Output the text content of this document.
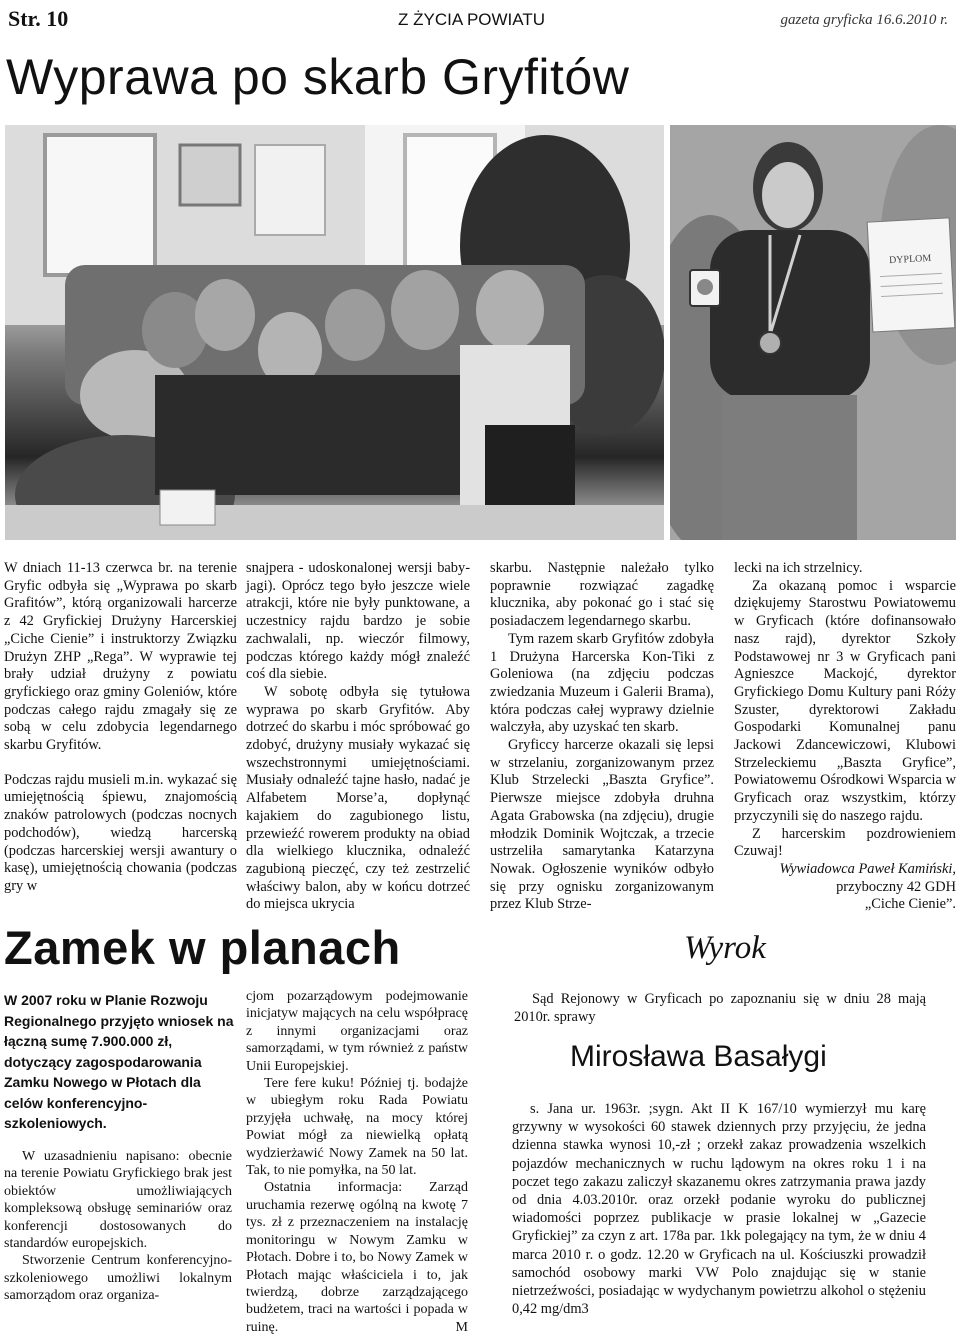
Str. 10	Z ŻYCIA POWIATU	gazeta gryficka 16.6.2010 r.
Wyprawa po skarb Gryfitów
DYPLOM

W dniach 11-13 czerwca br. na terenie Gryfic odbyła się „Wyprawa po skarb Grafitów”, którą organizowali harcerze z 42 Gryfickiej Drużyny Harcerskiej „Ciche Cienie” i instruktorzy Związku Drużyn ZHP „Rega”. W wyprawie tej brały udział drużyny z powiatu gryfickiego oraz gminy Goleniów, które podczas całego rajdu zmagały się ze sobą w celu zdobycia legendarnego skarbu Gryfitów.

Podczas rajdu musieli m.in. wykazać się umiejętnością śpiewu, znajomością znaków patrolowych (podczas nocnych podchodów), wiedzą harcerską (podczas harcerskiej wersji awantury o kasę), umiejętnością chowania (podczas gry w

snajpera - udoskonalonej wersji baby-jagi). Oprócz tego było jeszcze wiele atrakcji, które nie były punktowane, a uczestnicy rajdu bardzo je sobie zachwalali, np. wieczór filmowy, podczas którego każdy mógł znaleźć coś dla siebie.

W sobotę odbyła się tytułowa wyprawa po skarb Gryfitów. Aby dotrzeć do skarbu i móc spróbować go zdobyć, drużyny musiały wykazać się wszechstronnymi umiejętnościami. Musiały odnaleźć tajne hasło, nadać je Alfabetem Morse’a, dopłynąć kajakiem do zagubionego listu, przewieźć rowerem produkty na obiad dla wielkiego klucznika, odnaleźć zagubioną pieczęć, czy też zestrzelić właściwy balon, aby w końcu dotrzeć do miejsca ukrycia

skarbu. Następnie należało tylko poprawnie rozwiązać zagadkę klucznika, aby pokonać go i stać się posiadaczem legendarnego skarbu.

Tym razem skarb Gryfitów zdobyła 1 Drużyna Harcerska Kon-Tiki z Goleniowa (na zdjęciu podczas zwiedzania Muzeum i Galerii Brama), która podczas całej wyprawy dzielnie walczyła, aby uzyskać ten skarb.

Gryficcy harcerze okazali się lepsi w strzelaniu, zorganizowanym przez Klub Strzelecki „Baszta Gryfice”. Pierwsze miejsce zdobyła druhna Agata Grabowska (na zdjęciu), drugie młodzik Dominik Wojtczak, a trzecie ustrzeliła samarytanka Katarzyna Nowak. Ogłoszenie wyników odbyło się przy ognisku zorganizowanym przez Klub Strze-

lecki na ich strzelnicy.

Za okazaną pomoc i wsparcie dziękujemy Starostwu Powiatowemu w Gryficach (które dofinansowało nasz rajd), dyrektor Szkoły Podstawowej nr 3 w Gryficach pani Agnieszce Mackojć, dyrektor Gryfickiego Domu Kultury pani Róży Szuster, dyrektorowi Zakładu Gospodarki Komunalnej panu Jackowi Zdancewiczowi, Klubowi Strzeleckiemu „Baszta Gryfice”, Powiatowemu Ośrodkowi Wsparcia w Gryficach oraz wszystkim, którzy przyczynili się do naszego rajdu.

Z harcerskim pozdrowieniem Czuwaj!

Wywiadowca Paweł Kamiński,

przyboczny 42 GDH

„Ciche Cienie”.

Zamek w planach

W 2007 roku w Planie Rozwoju Regionalnego przyjęto wniosek na łączną sumę 7.900.000 zł, dotyczący zagospodarowania Zamku Nowego w Płotach dla celów konferencyjno-szkoleniowych.

W uzasadnieniu napisano: obecnie na terenie Powiatu Gryfickiego brak jest obiektów umożliwiających kompleksową obsługę seminariów oraz konferencji dostosowanych do standardów europejskich.

Stworzenie Centrum konferencyjno- szkoleniowego umożliwi lokalnym samorządom oraz organiza-

cjom pozarządowym podejmowanie inicjatyw mających na celu współpracę z innymi organizacjami oraz samorządami, w tym również z państw Unii Europejskiej.

Tere fere kuku! Później tj. bodajże w ubiegłym roku Rada Powiatu przyjęła uchwałę, na mocy której Powiat mógł za niewielką opłatą wydzierżawić Nowy Zamek na 50 lat. Tak, to nie pomyłka, na 50 lat.

Ostatnia informacja: Zarząd uruchamia rezerwę ogólną na kwotę 7 tys. zł z przeznaczeniem na instalację monitoringu w Nowym Zamku w Płotach. Dobre i to, bo Nowy Zamek w Płotach mając właściciela i to, jak twierdzą, dobrze zarządzającego budżetem, traci na wartości i popada w ruinę.	M

Wyrok

Sąd Rejonowy w Gryficach po zapoznaniu się w dniu 28 mają 2010r. sprawy

Mirosława Basałygi

s. Jana ur. 1963r. ;sygn. Akt II K 167/10 wymierzył mu karę grzywny w wysokości 60 stawek dziennych przy przyjęciu, że jedna dzienna stawka wynosi 10,-zł ; orzekł zakaz prowadzenia wszelkich pojazdów mechanicznych w ruchu lądowym na okres roku 1 i na poczet tego zakazu zaliczył skazanemu okres zatrzymania prawa jazdy od dnia 4.03.2010r. oraz orzekł podanie wyroku do publicznej wiadomości poprzez publikacje w prasie lokalnej w „Gazecie Gryfickiej” za czyn z art. 178a par. 1kk polegający na tym, że w dniu 4 marca 2010 r. o godz. 12.20 w Gryficach na ul. Kościuszki prowadził samochód osobowy marki VW Polo znajdując się w stanie nietrzeźwości, posiadając w wydychanym powietrzu alkohol o stężeniu 0,42 mg/dm3
